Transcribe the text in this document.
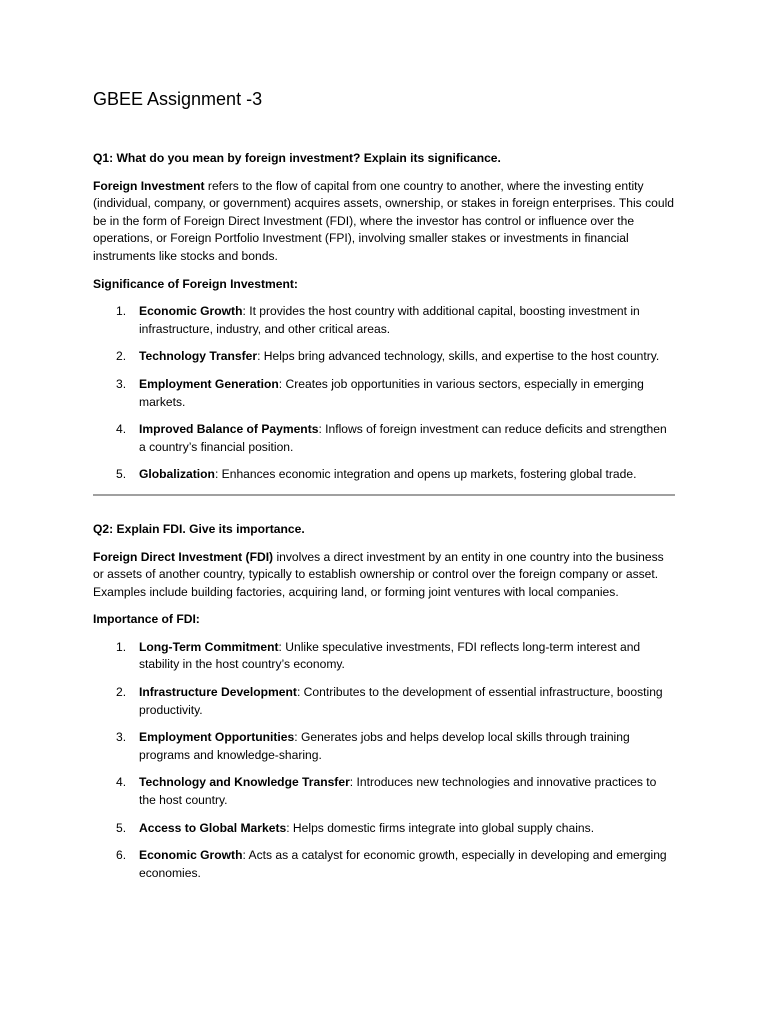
GBEE Assignment -3
Q1: What do you mean by foreign investment? Explain its significance.

Foreign Investment refers to the flow of capital from one country to another, where the investing entity (individual, company, or government) acquires assets, ownership, or stakes in foreign enterprises. This could be in the form of Foreign Direct Investment (FDI), where the investor has control or influence over the operations, or Foreign Portfolio Investment (FPI), involving smaller stakes or investments in financial instruments like stocks and bonds.

Significance of Foreign Investment:
1. Economic Growth: It provides the host country with additional capital, boosting investment in infrastructure, industry, and other critical areas.
2. Technology Transfer: Helps bring advanced technology, skills, and expertise to the host country.
3. Employment Generation: Creates job opportunities in various sectors, especially in emerging markets.
4. Improved Balance of Payments: Inflows of foreign investment can reduce deficits and strengthen a country’s financial position.
5. Globalization: Enhances economic integration and opens up markets, fostering global trade.
Q2: Explain FDI. Give its importance.

Foreign Direct Investment (FDI) involves a direct investment by an entity in one country into the business or assets of another country, typically to establish ownership or control over the foreign company or asset. Examples include building factories, acquiring land, or forming joint ventures with local companies.

Importance of FDI:
1. Long-Term Commitment: Unlike speculative investments, FDI reflects long-term interest and stability in the host country’s economy.
2. Infrastructure Development: Contributes to the development of essential infrastructure, boosting productivity.
3. Employment Opportunities: Generates jobs and helps develop local skills through training programs and knowledge-sharing.
4. Technology and Knowledge Transfer: Introduces new technologies and innovative practices to the host country.
5. Access to Global Markets: Helps domestic firms integrate into global supply chains.
6. Economic Growth: Acts as a catalyst for economic growth, especially in developing and emerging economies.
